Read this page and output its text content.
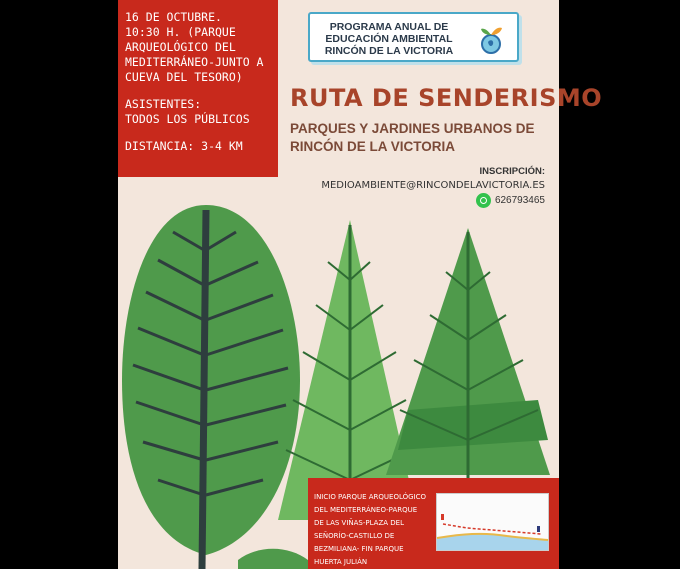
16 DE OCTUBRE.
10:30 H. (PARQUE ARQUEOLÓGICO DEL MEDITERRÁNEO-JUNTO A CUEVA DEL TESORO)

ASISTENTES:
TODOS LOS PÚBLICOS

DISTANCIA: 3-4 KM

PROGRAMA ANUAL DE
EDUCACIÓN AMBIENTAL
RINCÓN DE LA VICTORIA
RUTA DE SENDERISMO
PARQUES Y JARDINES URBANOS DE RINCÓN DE LA VICTORIA
INSCRIPCIÓN:
MEDIOAMBIENTE@RINCONDELAVICTORIA.ES
626793465
INICIO PARQUE ARQUEOLÓGICO DEL MEDITERRÁNEO-PARQUE DE LAS VIÑAS-PLAZA DEL SEÑORÍO-CASTILLO DE BEZMILIANA- FIN PARQUE HUERTA JULIÁN
